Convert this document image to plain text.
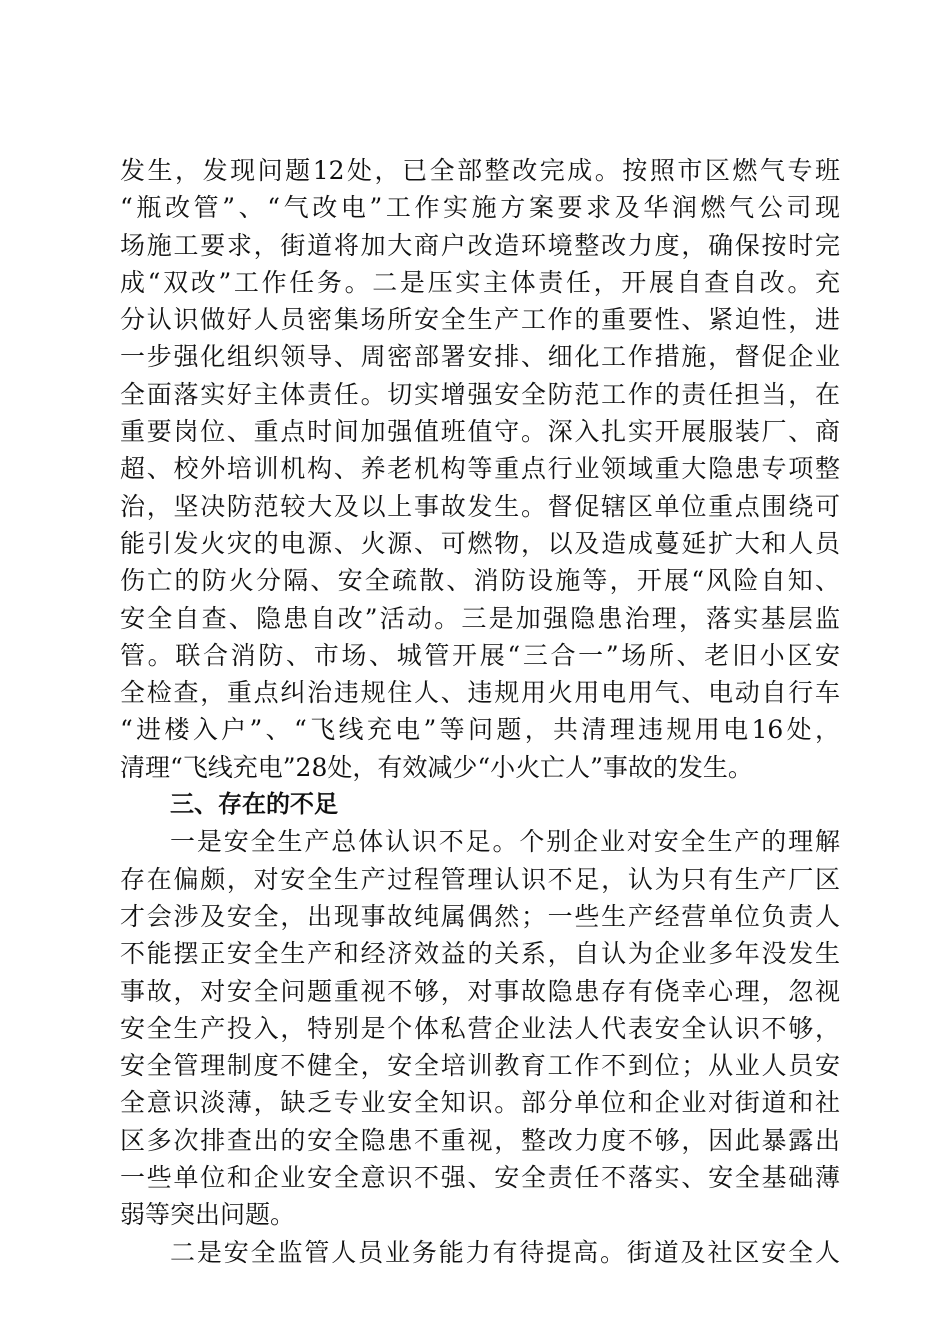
发生，发现问题12处，已全部整改完成。按照市区燃气专班
“瓶改管”、“气改电”工作实施方案要求及华润燃气公司现
场施工要求，街道将加大商户改造环境整改力度，确保按时完
成“双改”工作任务。二是压实主体责任，开展自查自改。充
分认识做好人员密集场所安全生产工作的重要性、紧迫性，进
一步强化组织领导、周密部署安排、细化工作措施，督促企业
全面落实好主体责任。切实增强安全防范工作的责任担当，在
重要岗位、重点时间加强值班值守。深入扎实开展服装厂、商
超、校外培训机构、养老机构等重点行业领域重大隐患专项整
治，坚决防范较大及以上事故发生。督促辖区单位重点围绕可
能引发火灾的电源、火源、可燃物，以及造成蔓延扩大和人员
伤亡的防火分隔、安全疏散、消防设施等，开展“风险自知、
安全自查、隐患自改”活动。三是加强隐患治理，落实基层监
管。联合消防、市场、城管开展“三合一”场所、老旧小区安
全检查，重点纠治违规住人、违规用火用电用气、电动自行车
“进楼入户”、“飞线充电”等问题，共清理违规用电16处，
清理“飞线充电”28处，有效减少“小火亡人”事故的发生。
三、存在的不足
一是安全生产总体认识不足。个别企业对安全生产的理解
存在偏颇，对安全生产过程管理认识不足，认为只有生产厂区
才会涉及安全，出现事故纯属偶然；一些生产经营单位负责人
不能摆正安全生产和经济效益的关系，自认为企业多年没发生
事故，对安全问题重视不够，对事故隐患存有侥幸心理，忽视
安全生产投入，特别是个体私营企业法人代表安全认识不够，
安全管理制度不健全，安全培训教育工作不到位；从业人员安
全意识淡薄，缺乏专业安全知识。部分单位和企业对街道和社
区多次排查出的安全隐患不重视，整改力度不够，因此暴露出
一些单位和企业安全意识不强、安全责任不落实、安全基础薄
弱等突出问题。
二是安全监管人员业务能力有待提高。街道及社区安全人
